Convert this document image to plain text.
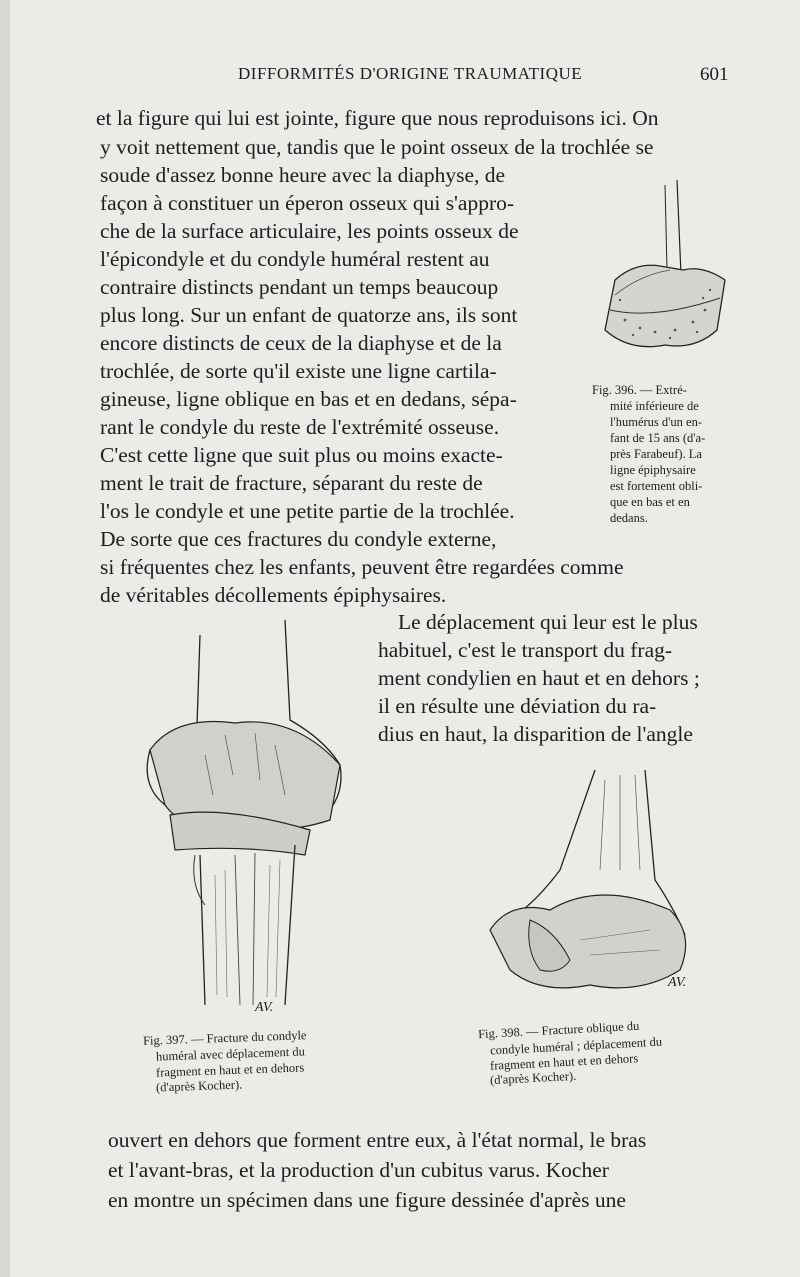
DIFFORMITÉS D'ORIGINE TRAUMATIQUE	601
et la figure qui lui est jointe, figure que nous reproduisons ici. On
y voit nettement que, tandis que le point osseux de la trochlée se
soude d'assez bonne heure avec la diaphyse, de
façon à constituer un éperon osseux qui s'appro-
che de la surface articulaire, les points osseux de
l'épicondyle et du condyle huméral restent au
contraire distincts pendant un temps beaucoup
plus long. Sur un enfant de quatorze ans, ils sont
encore distincts de ceux de la diaphyse et de la
trochlée, de sorte qu'il existe une ligne cartila-
gineuse, ligne oblique en bas et en dedans, sépa-
rant le condyle du reste de l'extrémité osseuse.
C'est cette ligne que suit plus ou moins exacte-
ment le trait de fracture, séparant du reste de
l'os le condyle et une petite partie de la trochlée.
De sorte que ces fractures du condyle externe,
si fréquentes chez les enfants, peuvent être regardées comme
de véritables décollements épiphysaires.
Le déplacement qui leur est le plus
habituel, c'est le transport du frag-
ment condylien en haut et en dehors ;
il en résulte une déviation du ra-
dius en haut, la disparition de l'angle
ouvert en dehors que forment entre eux, à l'état normal, le bras
et l'avant-bras, et la production d'un cubitus varus. Kocher
en montre un spécimen dans une figure dessinée d'après une
Fig. 396. — Extré-
mité inférieure de
l'humérus d'un en-
fant de 15 ans (d'a-
près Farabeuf). La
ligne épiphysaire
est fortement obli-
que en bas et en
dedans.
AV.
Fig. 397. — Fracture du condyle
huméral avec déplacement du
fragment en haut et en dehors
(d'après Kocher).
AV.
Fig. 398. — Fracture oblique du
condyle huméral ; déplacement du
fragment en haut et en dehors
(d'après Kocher).
